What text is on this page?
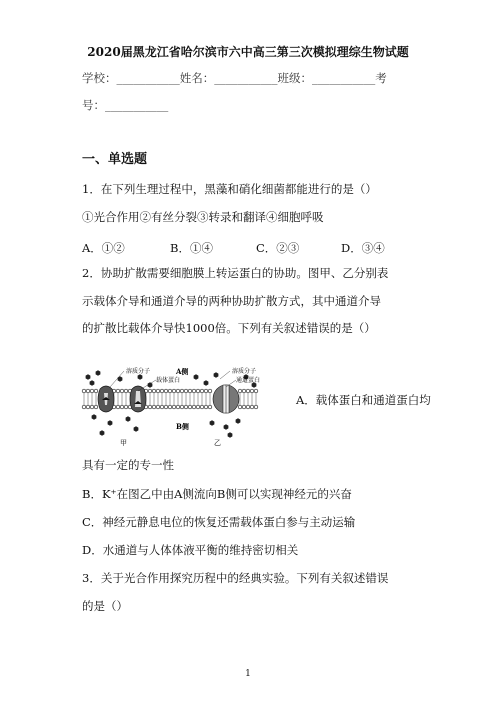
2020届黑龙江省哈尔滨市六中高三第三次模拟理综生物试题
学校：___________姓名：___________班级：___________考
号：___________
一、单选题
1．在下列生理过程中，黑藻和硝化细菌都能进行的是（）
①光合作用②有丝分裂③转录和翻译④细胞呼吸
A．①②	B．①④	C．②③	D．③④
2．协助扩散需要细胞膜上转运蛋白的协助。图甲、乙分别表
示载体介导和通道介导的两种协助扩散方式，其中通道介导
的扩散比载体介导快1000倍。下列有关叙述错误的是（）
A侧
溶质分子
载体蛋白
溶质分子
通道蛋白
B侧
甲	乙
A．载体蛋白和通道蛋白均
具有一定的专一性
B．K⁺在图乙中由A侧流向B侧可以实现神经元的兴奋
C．神经元静息电位的恢复还需载体蛋白参与主动运输
D．水通道与人体体液平衡的维持密切相关
3．关于光合作用探究历程中的经典实验。下列有关叙述错误
的是（）
1
